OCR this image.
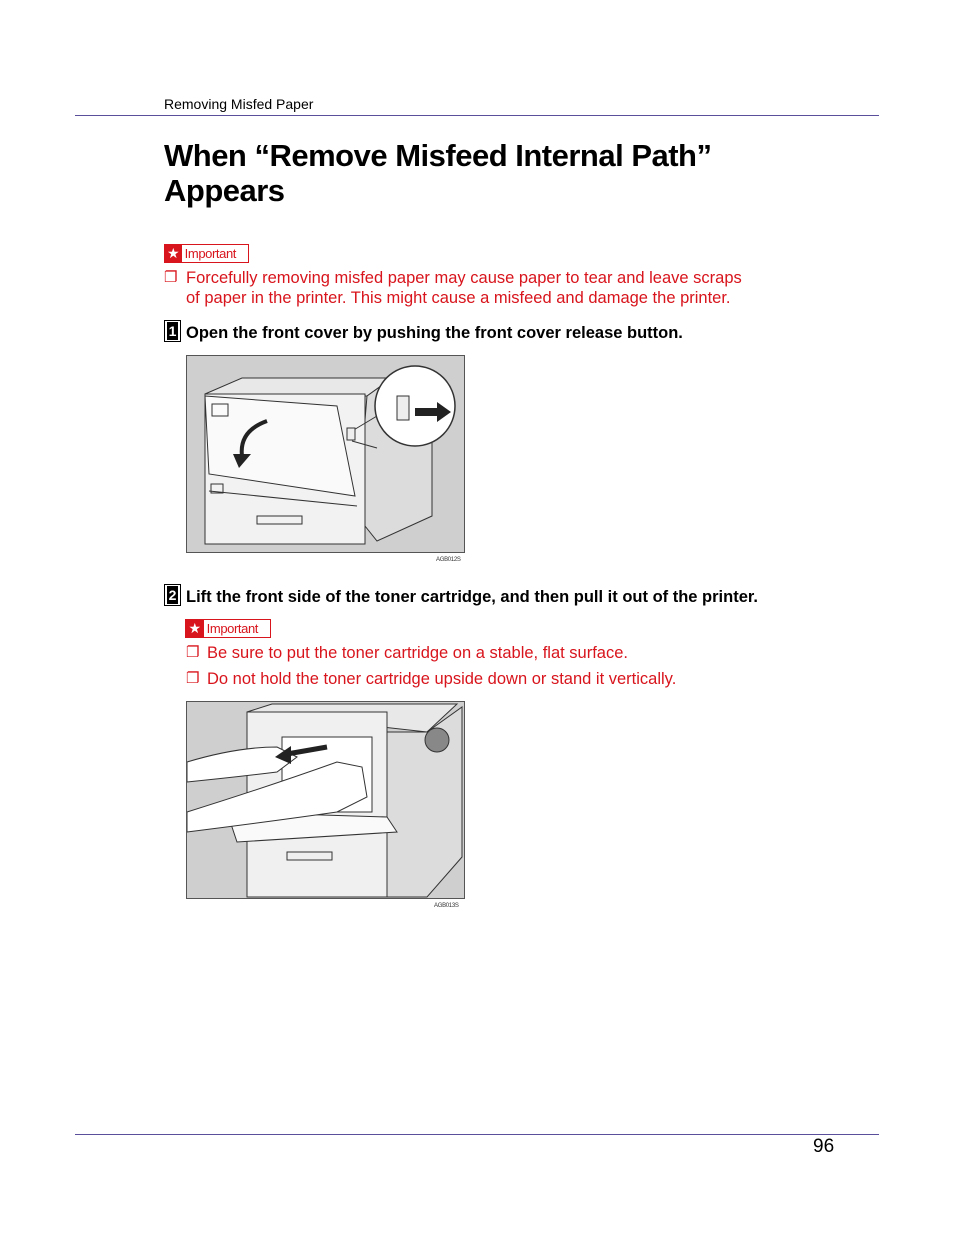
Removing Misfed Paper
When “Remove Misfeed Internal Path”
Appears
★ Important
❐ Forcefully removing misfed paper may cause paper to tear and leave scraps
of paper in the printer. This might cause a misfeed and damage the printer.
1 Open the front cover by pushing the front cover release button.
AGB012S
2 Lift the front side of the toner cartridge, and then pull it out of the printer.
★ Important
❐ Be sure to put the toner cartridge on a stable, flat surface.
❐ Do not hold the toner cartridge upside down or stand it vertically.
AGB013S
96
